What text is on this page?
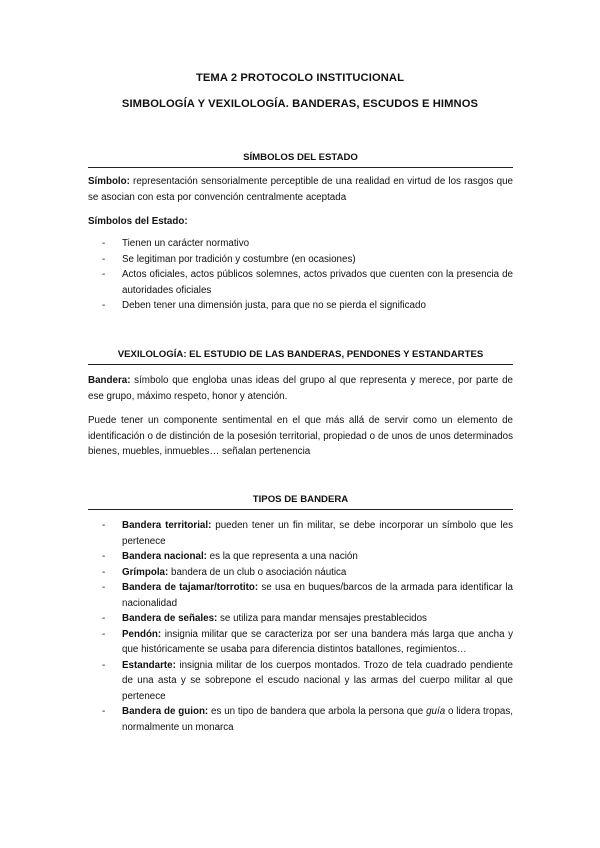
TEMA 2 PROTOCOLO INSTITUCIONAL
SIMBOLOGÍA Y VEXILOLOGÍA. BANDERAS, ESCUDOS E HIMNOS
SÍMBOLOS DEL ESTADO

Símbolo: representación sensorialmente perceptible de una realidad en virtud de los rasgos que se asocian con esta por convención centralmente aceptada

Símbolos del Estado:

- Tienen un carácter normativo
- Se legitiman por tradición y costumbre (en ocasiones)
- Actos oficiales, actos públicos solemnes, actos privados que cuenten con la presencia de autoridades oficiales
- Deben tener una dimensión justa, para que no se pierda el significado
VEXILOLOGÍA: EL ESTUDIO DE LAS BANDERAS, PENDONES Y ESTANDARTES

Bandera: símbolo que engloba unas ideas del grupo al que representa y merece, por parte de ese grupo, máximo respeto, honor y atención.

Puede tener un componente sentimental en el que más allá de servir como un elemento de identificación o de distinción de la posesión territorial, propiedad o de unos de unos determinados bienes, muebles, inmuebles… señalan pertenencia

TIPOS DE BANDERA
- Bandera territorial: pueden tener un fin militar, se debe incorporar un símbolo que les pertenece
- Bandera nacional: es la que representa a una nación
- Grímpola: bandera de un club o asociación náutica
- Bandera de tajamar/torrotito: se usa en buques/barcos de la armada para identificar la nacionalidad
- Bandera de señales: se utiliza para mandar mensajes prestablecidos
- Pendón: insignia militar que se caracteriza por ser una bandera más larga que ancha y que históricamente se usaba para diferencia distintos batallones, regimientos…
- Estandarte: insignia militar de los cuerpos montados. Trozo de tela cuadrado pendiente de una asta y se sobrepone el escudo nacional y las armas del cuerpo militar al que pertenece
- Bandera de guion: es un tipo de bandera que arbola la persona que guía o lidera tropas, normalmente un monarca
